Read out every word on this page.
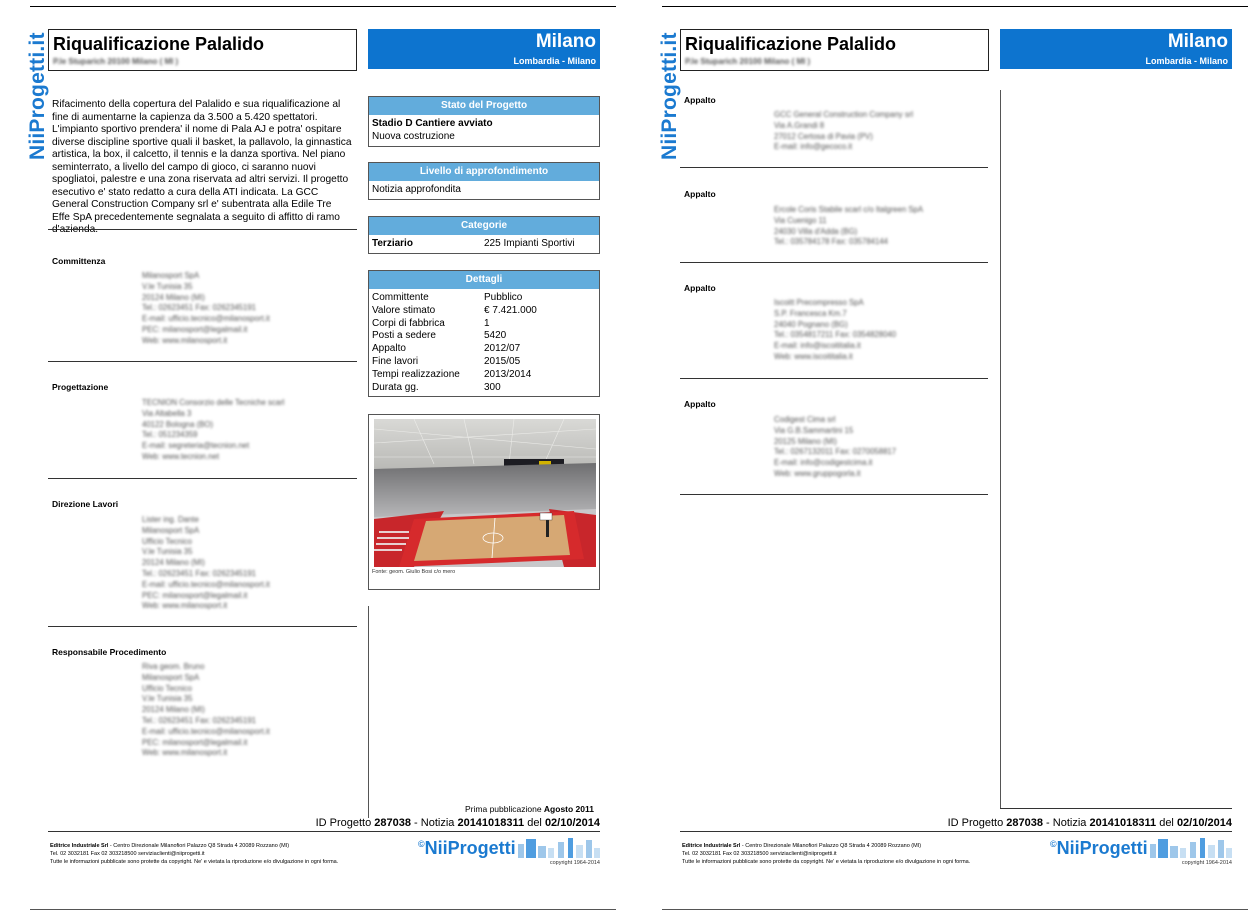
NiiProgetti.it Riqualificazione Palalido
P.le Stuparich 20100 Milano ( MI )
Milano
Lombardia - Milano
Rifacimento della copertura del Palalido e sua riqualificazione al fine di aumentarne la capienza da 3.500 a 5.420 spettatori. L'impianto sportivo prendera' il nome di Pala AJ e potra' ospitare diverse discipline sportive quali il basket, la pallavolo, la ginnastica artistica, la box, il calcetto, il tennis e la danza sportiva. Nel piano seminterrato, a livello del campo di gioco, ci saranno nuovi spogliatoi, palestre e una zona riservata ad altri servizi. Il progetto esecutivo e' stato redatto a cura della ATI indicata. La GCC General Construction Company srl e' subentrata alla Edile Tre Effe SpA precedentemente segnalata a seguito di affitto di ramo d'azienda.
Committenza
Milanosport SpA
V.le Tunisia 35
20124 Milano (MI)
Tel.: 02623451 Fax: 0262345191
E-mail: ufficio.tecnico@milanosport.it
PEC: milanosport@legalmail.it
Web: www.milanosport.it
Progettazione
TECNION Consorzio delle Tecniche scarl
Via Altabella 3
40122 Bologna (BO)
Tel.: 051234359
E-mail: segreteria@tecnion.net
Web: www.tecnion.net
Direzione Lavori
Lister ing. Dante
Milanosport SpA
Ufficio Tecnico
V.le Tunisia 35
20124 Milano (MI)
Tel.: 02623451 Fax: 0262345191
E-mail: ufficio.tecnico@milanosport.it
PEC: milanosport@legalmail.it
Web: www.milanosport.it
Responsabile Procedimento
Riva geom. Bruno
Milanosport SpA
Ufficio Tecnico
V.le Tunisia 35
20124 Milano (MI)
Tel.: 02623451 Fax: 0262345191
E-mail: ufficio.tecnico@milanosport.it
PEC: milanosport@legalmail.it
Web: www.milanosport.it
Stato del Progetto
Stadio D Cantiere avviato
Nuova costruzione
Livello di approfondimento
Notizia approfondita
Categorie
Terziario	225 Impianti Sportivi
Dettagli
Committente	Pubblico
Valore stimato	€ 7.421.000
Corpi di fabbrica	1
Posti a sedere	5420
Appalto	2012/07
Fine lavori	2015/05
Tempi realizzazione	2013/2014
Durata gg.	300
Fonte: geom. Giulio Bosi c/o mero
Prima pubblicazione Agosto 2011
ID Progetto 287038 - Notizia 20141018311 del 02/10/2014
Editrice Industriale Srl - Centro Direzionale Milanofiori Palazzo Q8 Strada 4 20089 Rozzano (MI)
Tel. 02 3032181 Fax 02 303218500 serviziaclienti@niiprogetti.it
Tutte le informazioni pubblicate sono protette da copyright. Ne' e vietata la riproduzione e/o divulgazione in ogni forma.
©NiiProgetti
copyright 1964-2014
NiiProgetti.it Riqualificazione Palalido
P.le Stuparich 20100 Milano ( MI )
Milano
Lombardia - Milano
Appalto
GCC General Construction Company srl
Via A.Grandi 8
27012 Certosa di Pavia (PV)
E-mail: info@gecoco.it
Appalto
Ercole Coris Stabile scarl c/o Italgreen SpA
Via Cuenigo 11
24030 Villa d'Adda (BG)
Tel.: 035784178 Fax: 035784144
Appalto
Iscoitt Precompresso SpA
S.P. Francesca Km.7
24040 Pognano (BG)
Tel.: 0354817211 Fax: 0354828040
E-mail: info@iscoititalia.it
Web: www.iscoititalia.it
Appalto
Codigest Cima srl
Via G.B.Sammartini 15
20125 Milano (MI)
Tel.: 0267132011 Fax: 0270058817
E-mail: info@codigestcima.it
Web: www.gruppogorla.it
ID Progetto 287038 - Notizia 20141018311 del 02/10/2014
Editrice Industriale Srl - Centro Direzionale Milanofiori Palazzo Q8 Strada 4 20089 Rozzano (MI)
Tel. 02 3032181 Fax 02 303218500 serviziaclienti@niiprogetti.it
Tutte le informazioni pubblicate sono protette da copyright. Ne' e vietata la riproduzione e/o divulgazione in ogni forma.
©NiiProgetti
copyright 1964-2014
